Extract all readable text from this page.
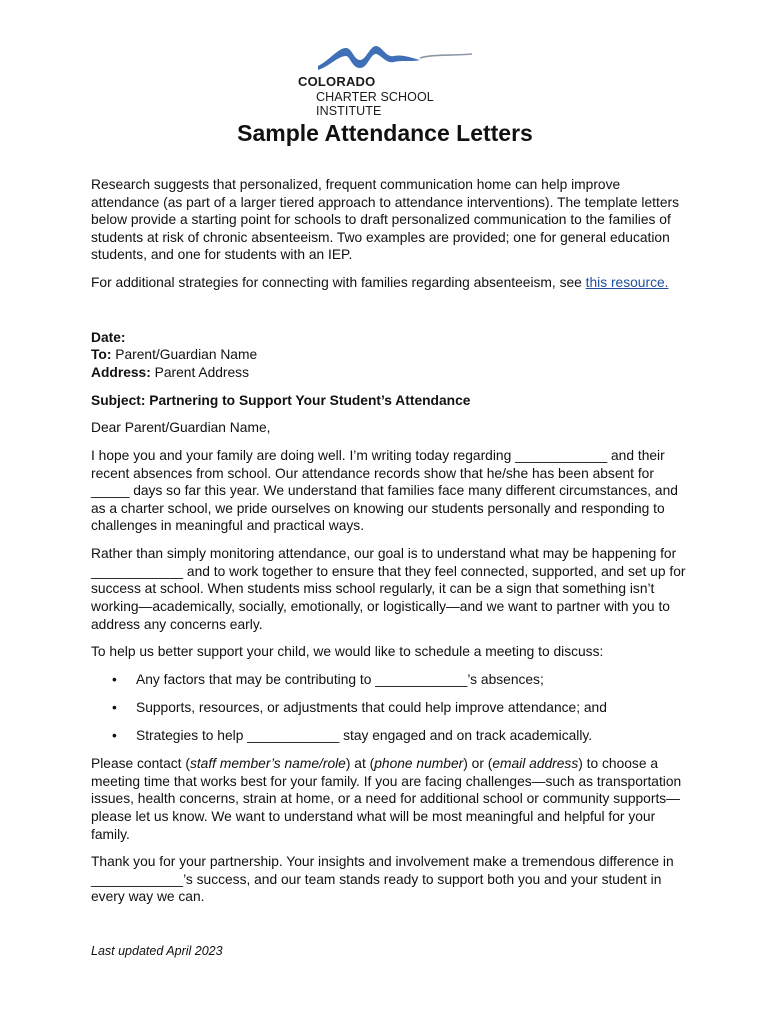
COLORADO
CHARTER SCHOOL INSTITUTE
Sample Attendance Letters

Research suggests that personalized, frequent communication home can help improve attendance (as part of a larger tiered approach to attendance interventions). The template letters below provide a starting point for schools to draft personalized communication to the families of students at risk of chronic absenteeism. Two examples are provided; one for general education students, and one for students with an IEP.

For additional strategies for connecting with families regarding absenteeism, see this resource.

Date:
To: Parent/Guardian Name
Address: Parent Address

Subject: Partnering to Support Your Student’s Attendance

Dear Parent/Guardian Name,

I hope you and your family are doing well. I’m writing today regarding ____________ and their recent absences from school. Our attendance records show that he/she has been absent for _____ days so far this year. We understand that families face many different circumstances, and as a charter school, we pride ourselves on knowing our students personally and responding to challenges in meaningful and practical ways.

Rather than simply monitoring attendance, our goal is to understand what may be happening for ____________ and to work together to ensure that they feel connected, supported, and set up for success at school. When students miss school regularly, it can be a sign that something isn’t working—academically, socially, emotionally, or logistically—and we want to partner with you to address any concerns early.

To help us better support your child, we would like to schedule a meeting to discuss:

• Any factors that may be contributing to ____________’s absences;
• Supports, resources, or adjustments that could help improve attendance; and
• Strategies to help ____________ stay engaged and on track academically.

Please contact (staff member’s name/role) at (phone number) or (email address) to choose a meeting time that works best for your family. If you are facing challenges—such as transportation issues, health concerns, strain at home, or a need for additional school or community supports—please let us know. We want to understand what will be most meaningful and helpful for your family.

Thank you for your partnership. Your insights and involvement make a tremendous difference in ____________’s success, and our team stands ready to support both you and your student in every way we can.

Last updated April 2023
